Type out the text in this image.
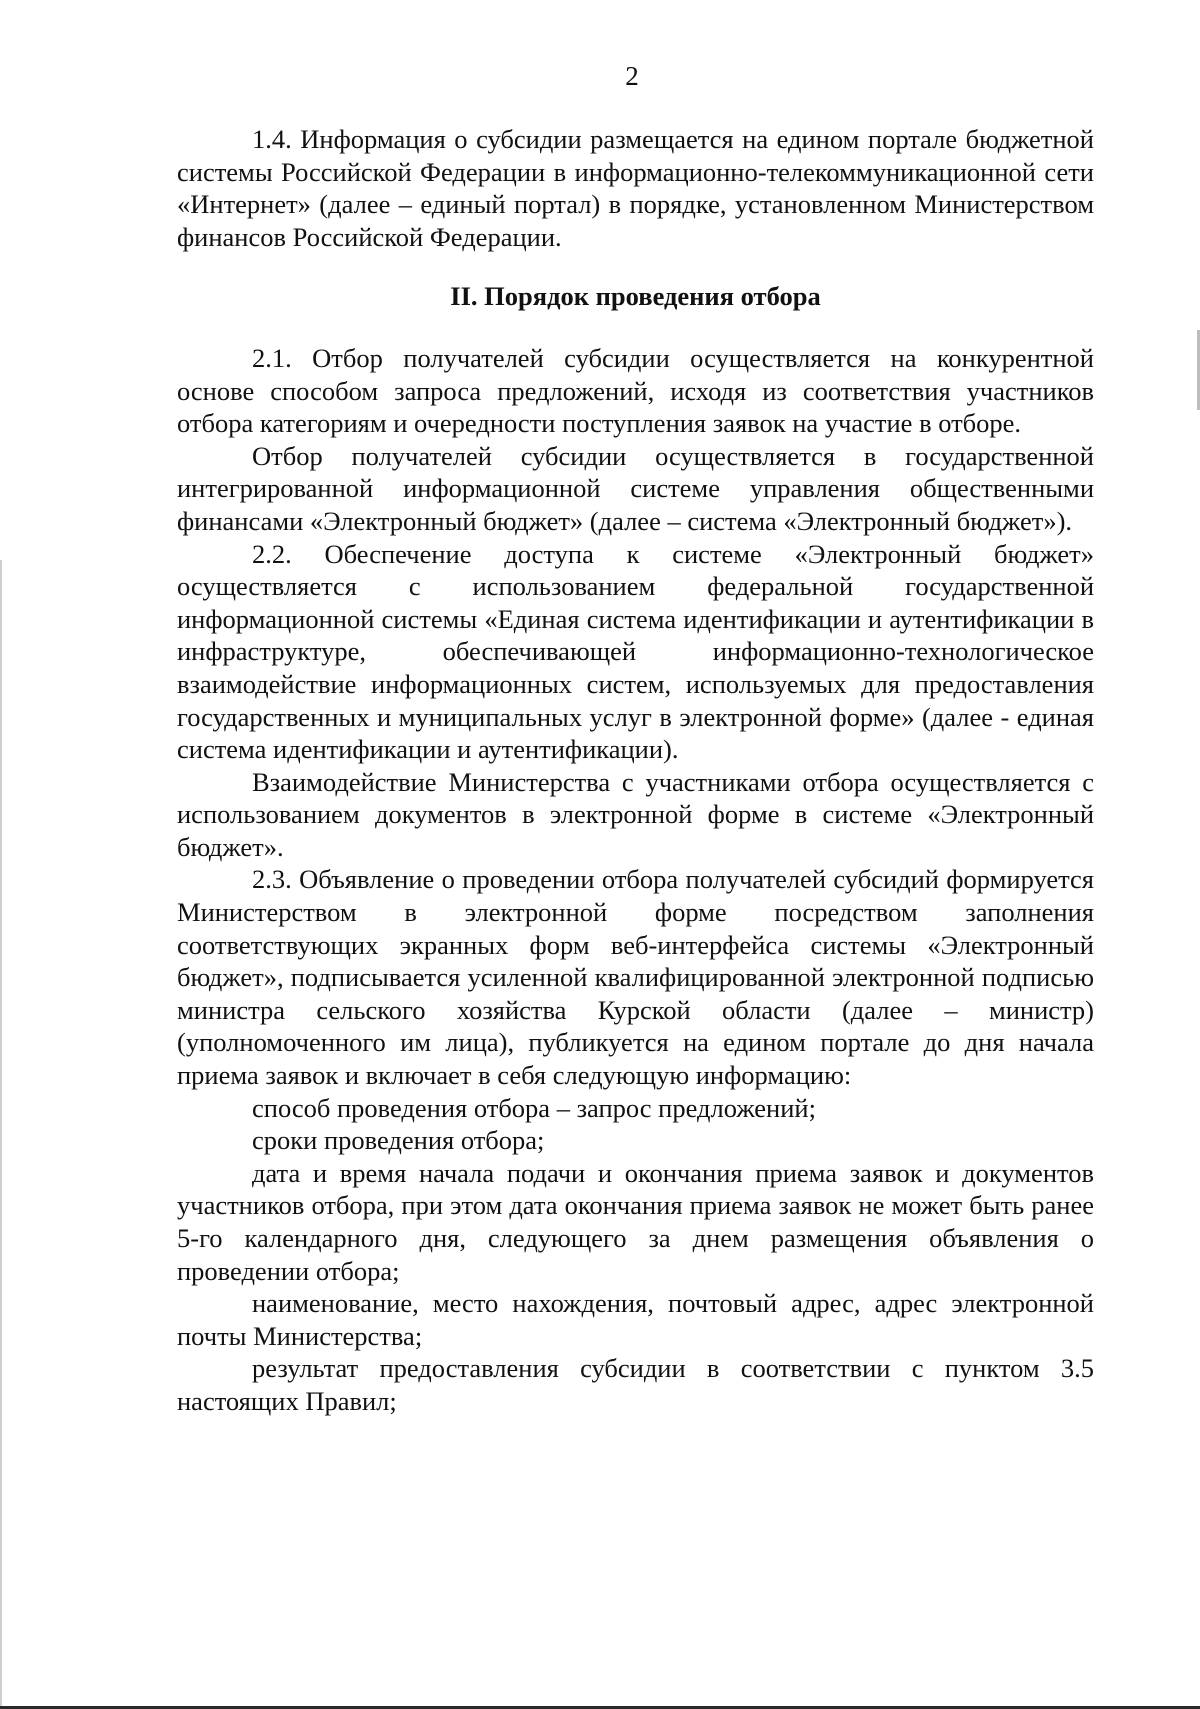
2

1.4. Информация о субсидии размещается на едином портале бюджетной системы Российской Федерации в информационно-телекоммуникационной сети «Интернет» (далее – единый портал) в порядке, установленном Министерством финансов Российской Федерации.

II. Порядок проведения отбора

2.1. Отбор получателей субсидии осуществляется на конкурентной основе способом запроса предложений, исходя из соответствия участников отбора категориям и очередности поступления заявок на участие в отборе.

Отбор получателей субсидии осуществляется в государственной интегрированной информационной системе управления общественными финансами «Электронный бюджет» (далее – система «Электронный бюджет»).

2.2. Обеспечение доступа к системе «Электронный бюджет» осуществляется с использованием федеральной государственной информационной системы «Единая система идентификации и аутентификации в инфраструктуре, обеспечивающей информационно-технологическое взаимодействие информационных систем, используемых для предоставления государственных и муниципальных услуг в электронной форме» (далее - единая система идентификации и аутентификации).

Взаимодействие Министерства с участниками отбора осуществляется с использованием документов в электронной форме в системе «Электронный бюджет».

2.3. Объявление о проведении отбора получателей субсидий формируется Министерством в электронной форме посредством заполнения соответствующих экранных форм веб-интерфейса системы «Электронный бюджет», подписывается усиленной квалифицированной электронной подписью министра сельского хозяйства Курской области (далее – министр) (уполномоченного им лица), публикуется на едином портале до дня начала приема заявок и включает в себя следующую информацию:

способ проведения отбора – запрос предложений;

сроки проведения отбора;

дата и время начала подачи и окончания приема заявок и документов участников отбора, при этом дата окончания приема заявок не может быть ранее 5-го календарного дня, следующего за днем размещения объявления о проведении отбора;

наименование, место нахождения, почтовый адрес, адрес электронной почты Министерства;

результат предоставления субсидии в соответствии с пунктом 3.5 настоящих Правил;
